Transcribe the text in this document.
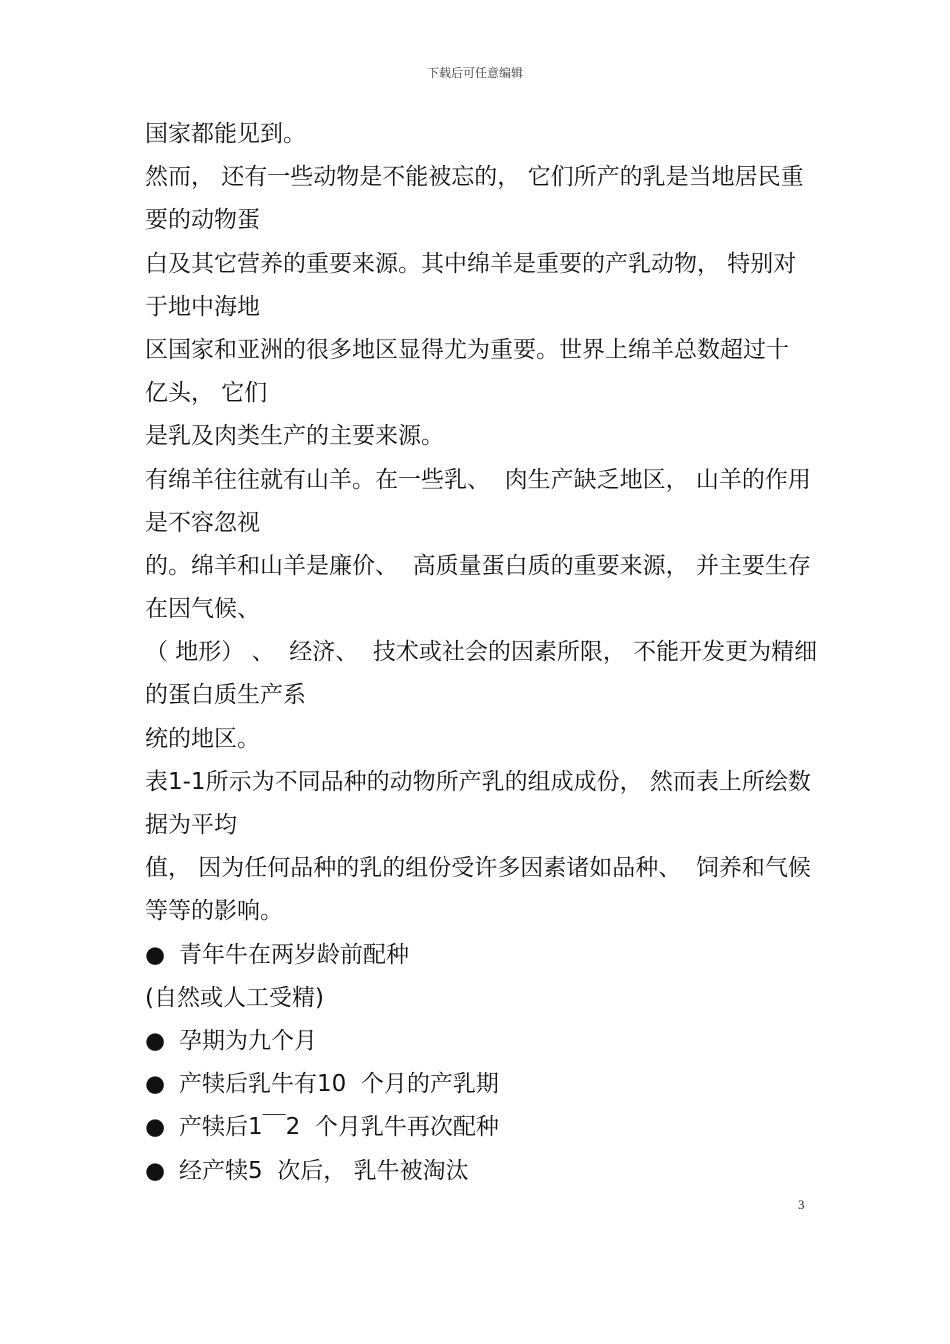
下载后可任意编辑
国家都能见到。
然而， 还有一些动物是不能被忘的， 它们所产的乳是当地居民重
要的动物蛋
白及其它营养的重要来源。其中绵羊是重要的产乳动物， 特别对
于地中海地
区国家和亚洲的很多地区显得尤为重要。世界上绵羊总数超过十
亿头， 它们
是乳及肉类生产的主要来源。
有绵羊往往就有山羊。在一些乳、  肉生产缺乏地区， 山羊的作用
是不容忽视
的。绵羊和山羊是廉价、  高质量蛋白质的重要来源， 并主要生存
在因气候、
（ 地形） 、  经济、  技术或社会的因素所限， 不能开发更为精细
的蛋白质生产系
统的地区。
表1-1所示为不同品种的动物所产乳的组成成份， 然而表上所绘数
据为平均
值， 因为任何品种的乳的组份受许多因素诸如品种、  饲养和气候
等等的影响。
● 青年牛在两岁龄前配种
(自然或人工受精)
● 孕期为九个月
● 产犊后乳牛有10  个月的产乳期
● 产犊后1￣2  个月乳牛再次配种
● 经产犊5  次后， 乳牛被淘汰
3
